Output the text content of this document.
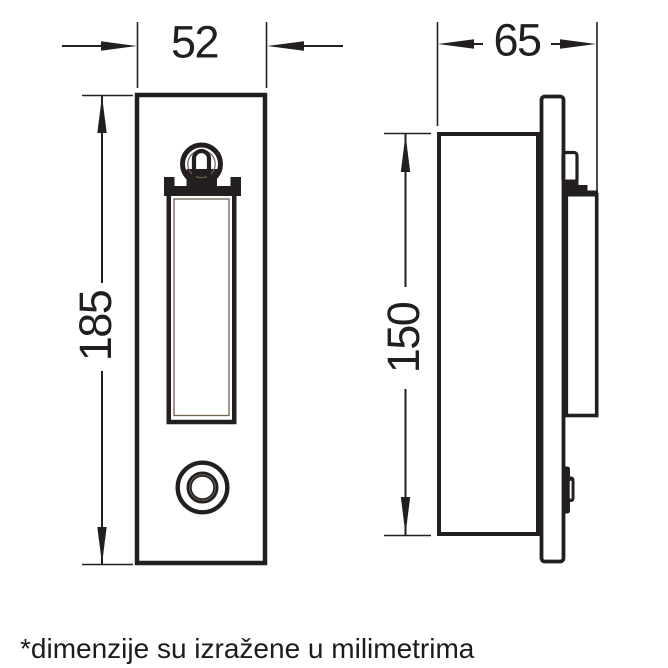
52	65
185	150
*dimenzije su izražene u milimetrima
